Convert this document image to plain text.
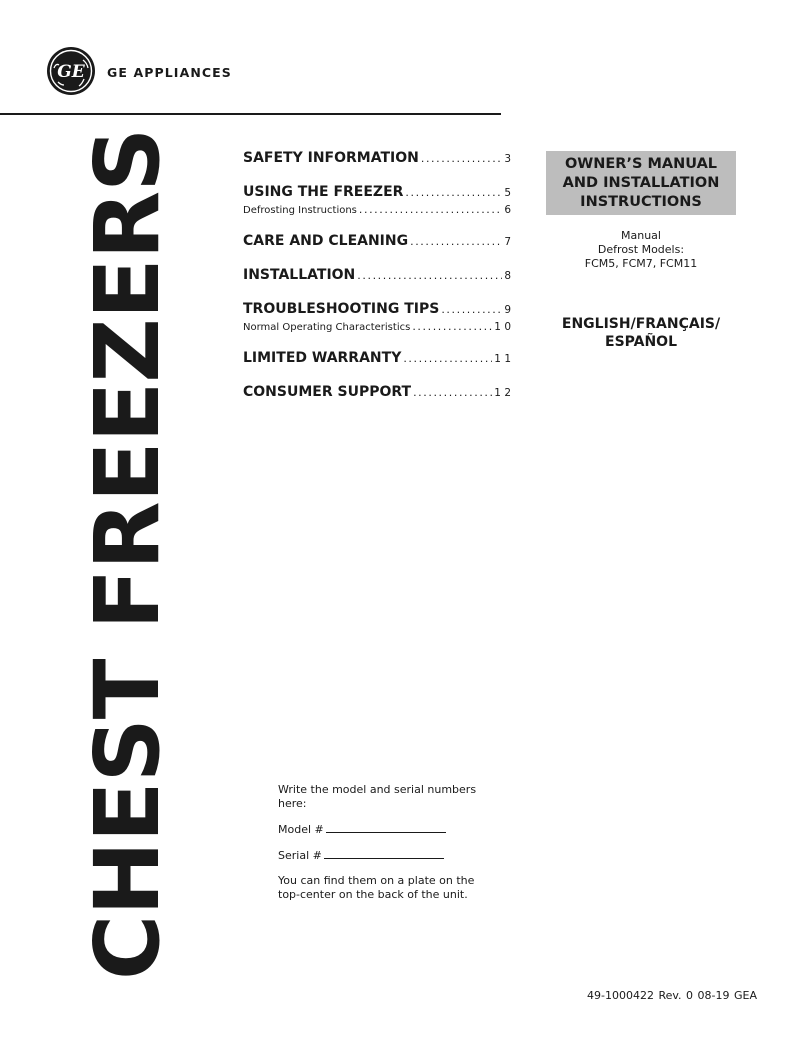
GE GE APPLIANCES
CHEST FREEZERS	SAFETY INFORMATION .....	3
USING THE FREEZER .....	5
Defrosting Instructions .....	6
CARE AND CLEANING .....	7
INSTALLATION .....	8
TROUBLESHOOTING TIPS .....	9
Normal Operating Characteristics .....	1 0
LIMITED WARRANTY .....	1 1
CONSUMER SUPPORT .....	1 2
OWNER’S MANUAL
AND INSTALLATION
INSTRUCTIONS
Manual
Defrost Models:
FCM5, FCM7, FCM11
ENGLISH/FRANÇAIS/
ESPAÑOL

Write the model and serial numbers here:

Model #

Serial #

You can find them on a plate on the top-center on the back of the unit.

49-1000422 Rev. 0 08-19 GEA
